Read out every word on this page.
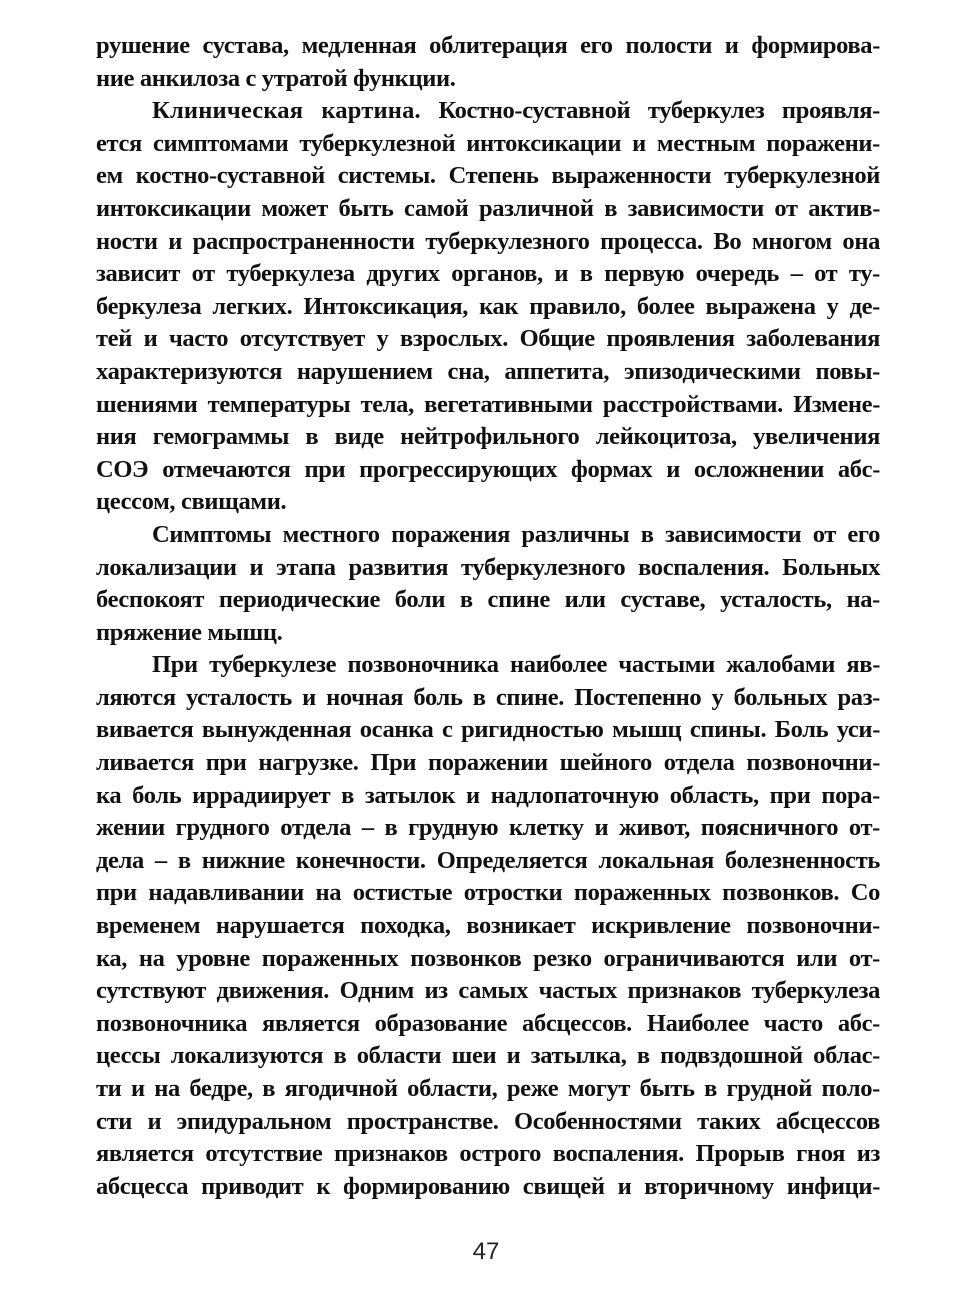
рушение сустава, медленная облитерация его полости и формирова-
ние анкилоза с утратой функции.
Клиническая картина. Костно-суставной туберкулез проявля-
ется симптомами туберкулезной интоксикации и местным поражени-
ем костно-суставной системы. Степень выраженности туберкулезной
интоксикации может быть самой различной в зависимости от актив-
ности и распространенности туберкулезного процесса. Во многом она
зависит от туберкулеза других органов, и в первую очередь – от ту-
беркулеза легких. Интоксикация, как правило, более выражена у де-
тей и часто отсутствует у взрослых. Общие проявления заболевания
характеризуются нарушением сна, аппетита, эпизодическими повы-
шениями температуры тела, вегетативными расстройствами. Измене-
ния гемограммы в виде нейтрофильного лейкоцитоза, увеличения
СОЭ отмечаются при прогрессирующих формах и осложнении абс-
цессом, свищами.
Симптомы местного поражения различны в зависимости от его
локализации и этапа развития туберкулезного воспаления. Больных
беспокоят периодические боли в спине или суставе, усталость, на-
пряжение мышц.
При туберкулезе позвоночника наиболее частыми жалобами яв-
ляются усталость и ночная боль в спине. Постепенно у больных раз-
вивается вынужденная осанка с ригидностью мышц спины. Боль уси-
ливается при нагрузке. При поражении шейного отдела позвоночни-
ка боль иррадиирует в затылок и надлопаточную область, при пора-
жении грудного отдела – в грудную клетку и живот, поясничного от-
дела – в нижние конечности. Определяется локальная болезненность
при надавливании на остистые отростки пораженных позвонков. Со
временем нарушается походка, возникает искривление позвоночни-
ка, на уровне пораженных позвонков резко ограничиваются или от-
сутствуют движения. Одним из самых частых признаков туберкулеза
позвоночника является образование абсцессов. Наиболее часто абс-
цессы локализуются в области шеи и затылка, в подвздошной облас-
ти и на бедре, в ягодичной области, реже могут быть в грудной поло-
сти и эпидуральном пространстве. Особенностями таких абсцессов
является отсутствие признаков острого воспаления. Прорыв гноя из
абсцесса приводит к формированию свищей и вторичному инфици-
47
